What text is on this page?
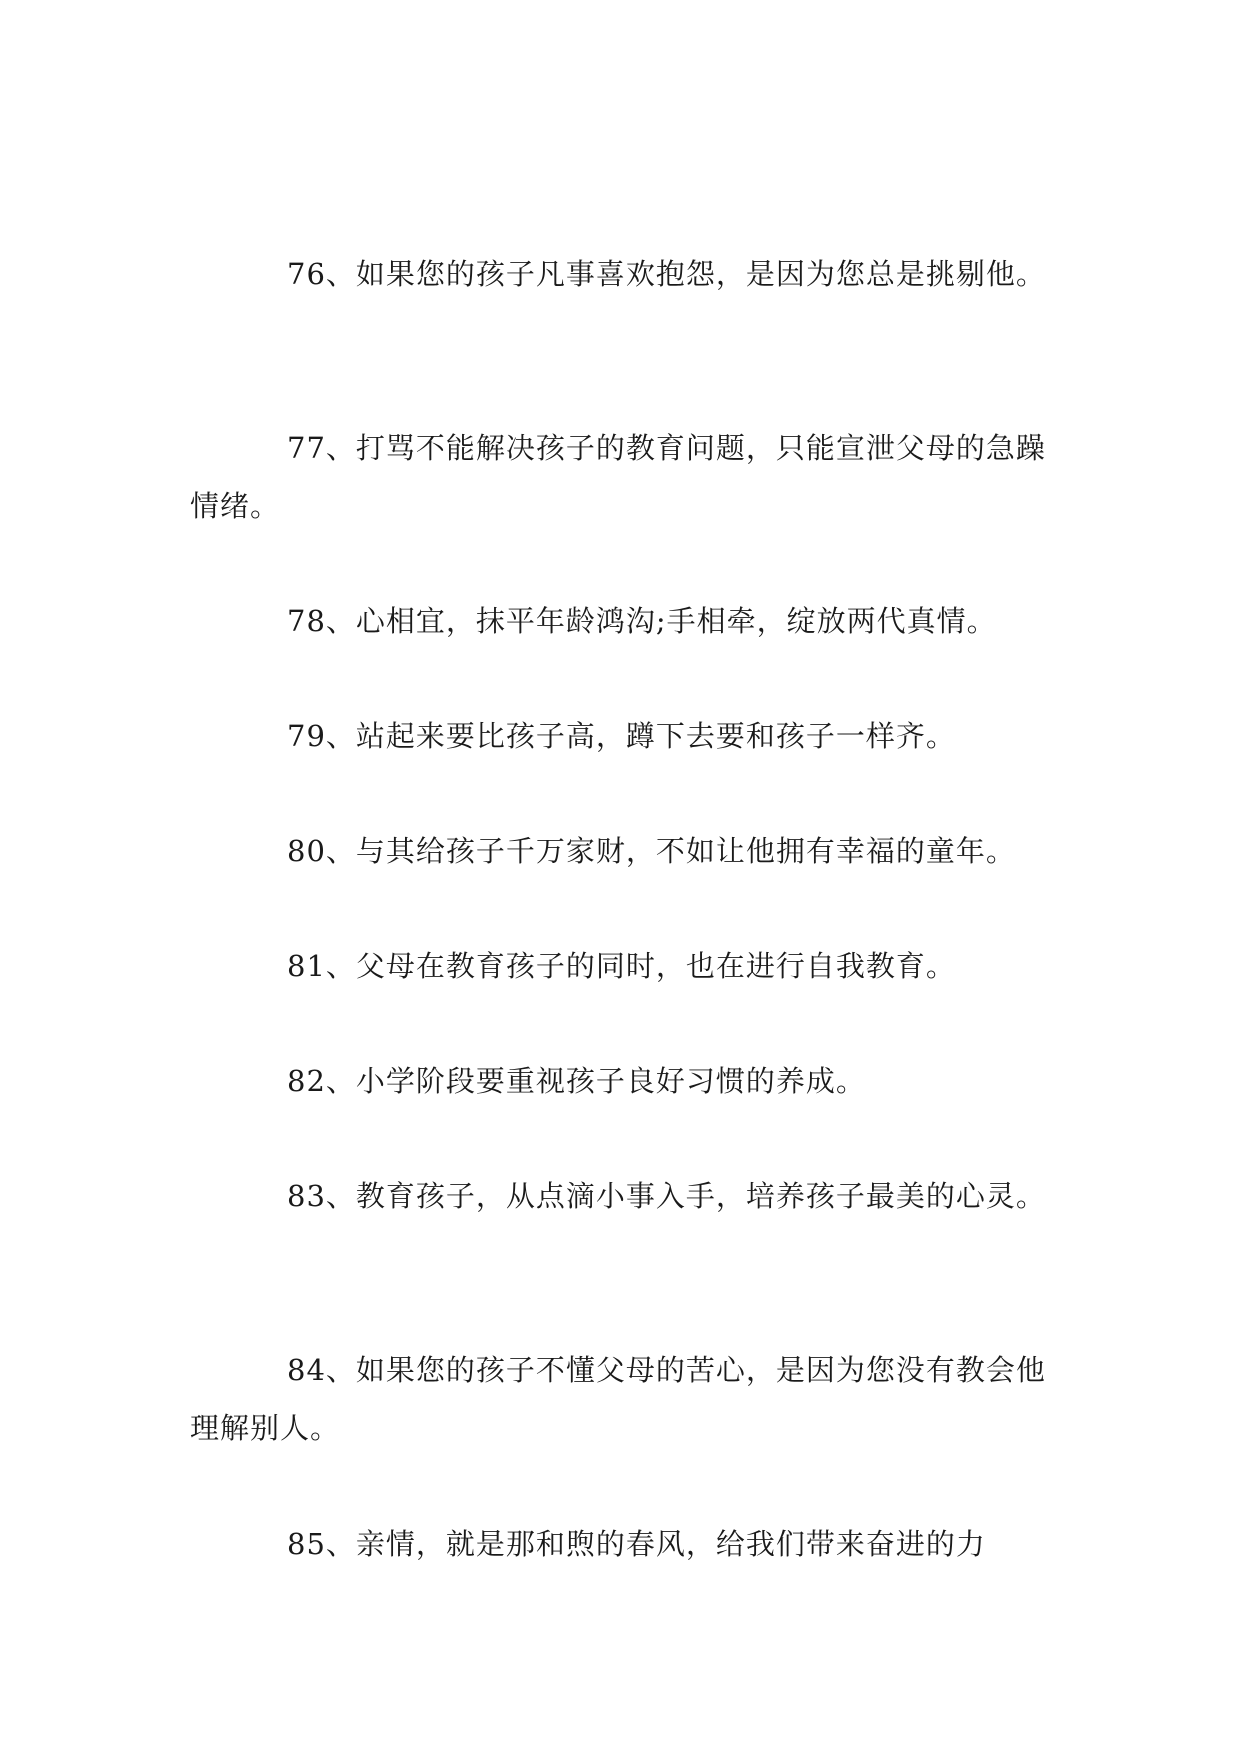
76、如果您的孩子凡事喜欢抱怨，是因为您总是挑剔他。

77、打骂不能解决孩子的教育问题，只能宣泄父母的急躁情绪。

78、心相宜，抹平年龄鸿沟;手相牵，绽放两代真情。

79、站起来要比孩子高，蹲下去要和孩子一样齐。

80、与其给孩子千万家财，不如让他拥有幸福的童年。

81、父母在教育孩子的同时，也在进行自我教育。

82、小学阶段要重视孩子良好习惯的养成。

83、教育孩子，从点滴小事入手，培养孩子最美的心灵。

84、如果您的孩子不懂父母的苦心，是因为您没有教会他理解别人。

85、亲情，就是那和煦的春风，给我们带来奋进的力
